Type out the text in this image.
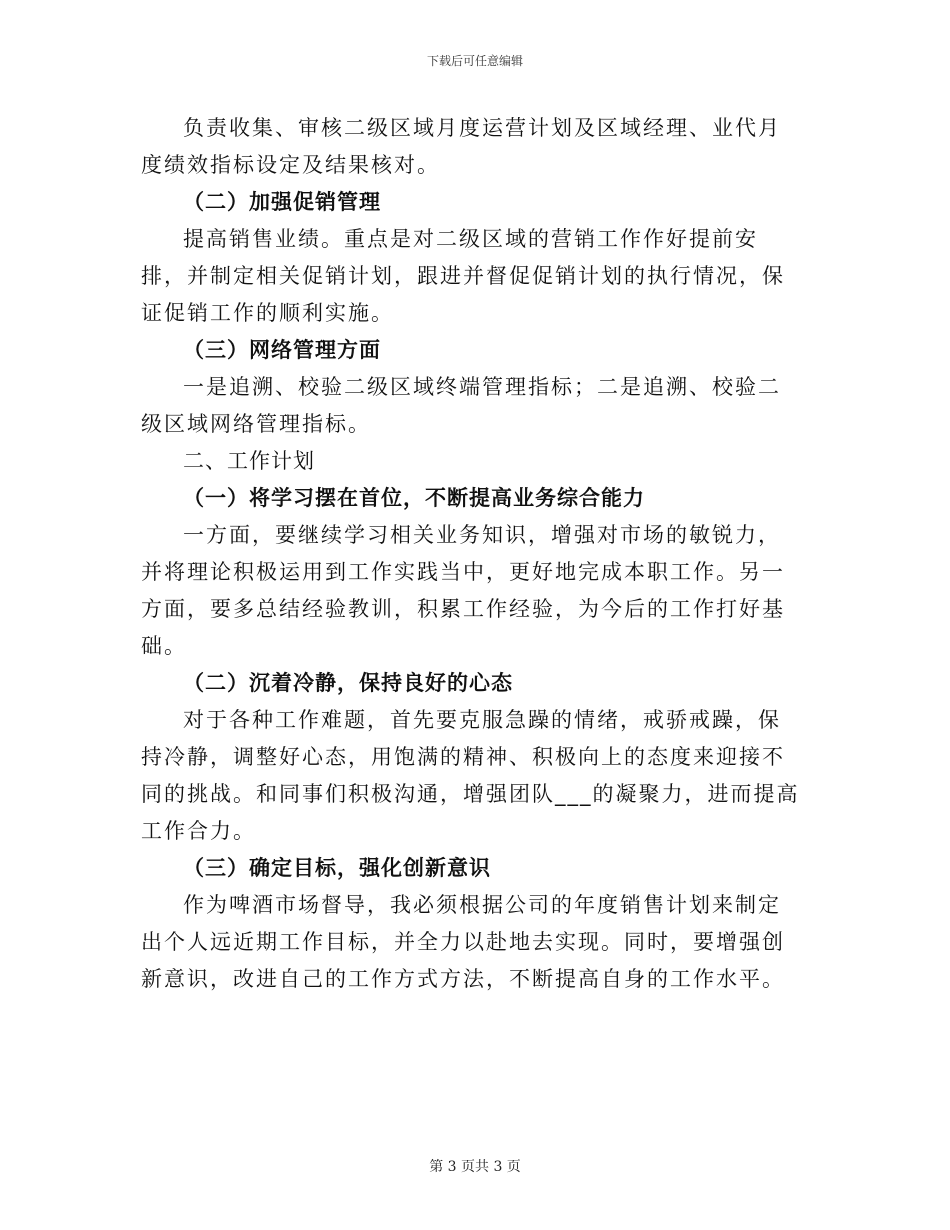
下载后可任意编辑

负责收集、审核二级区域月度运营计划及区域经理、业代月度绩效指标设定及结果核对。

（二）加强促销管理

提高销售业绩。重点是对二级区域的营销工作作好提前安排，并制定相关促销计划，跟进并督促促销计划的执行情况，保证促销工作的顺利实施。

（三）网络管理方面

一是追溯、校验二级区域终端管理指标；二是追溯、校验二级区域网络管理指标。

二、工作计划

（一）将学习摆在首位，不断提高业务综合能力

一方面，要继续学习相关业务知识，增强对市场的敏锐力，并将理论积极运用到工作实践当中，更好地完成本职工作。另一方面，要多总结经验教训，积累工作经验，为今后的工作打好基础。

（二）沉着冷静，保持良好的心态

对于各种工作难题，首先要克服急躁的情绪，戒骄戒躁，保持冷静，调整好心态，用饱满的精神、积极向上的态度来迎接不同的挑战。和同事们积极沟通，增强团队___的凝聚力，进而提高工作合力。

（三）确定目标，强化创新意识

作为啤酒市场督导，我必须根据公司的年度销售计划来制定出个人远近期工作目标，并全力以赴地去实现。同时，要增强创新意识，改进自己的工作方式方法，不断提高自身的工作水平。

第 3 页共 3 页
